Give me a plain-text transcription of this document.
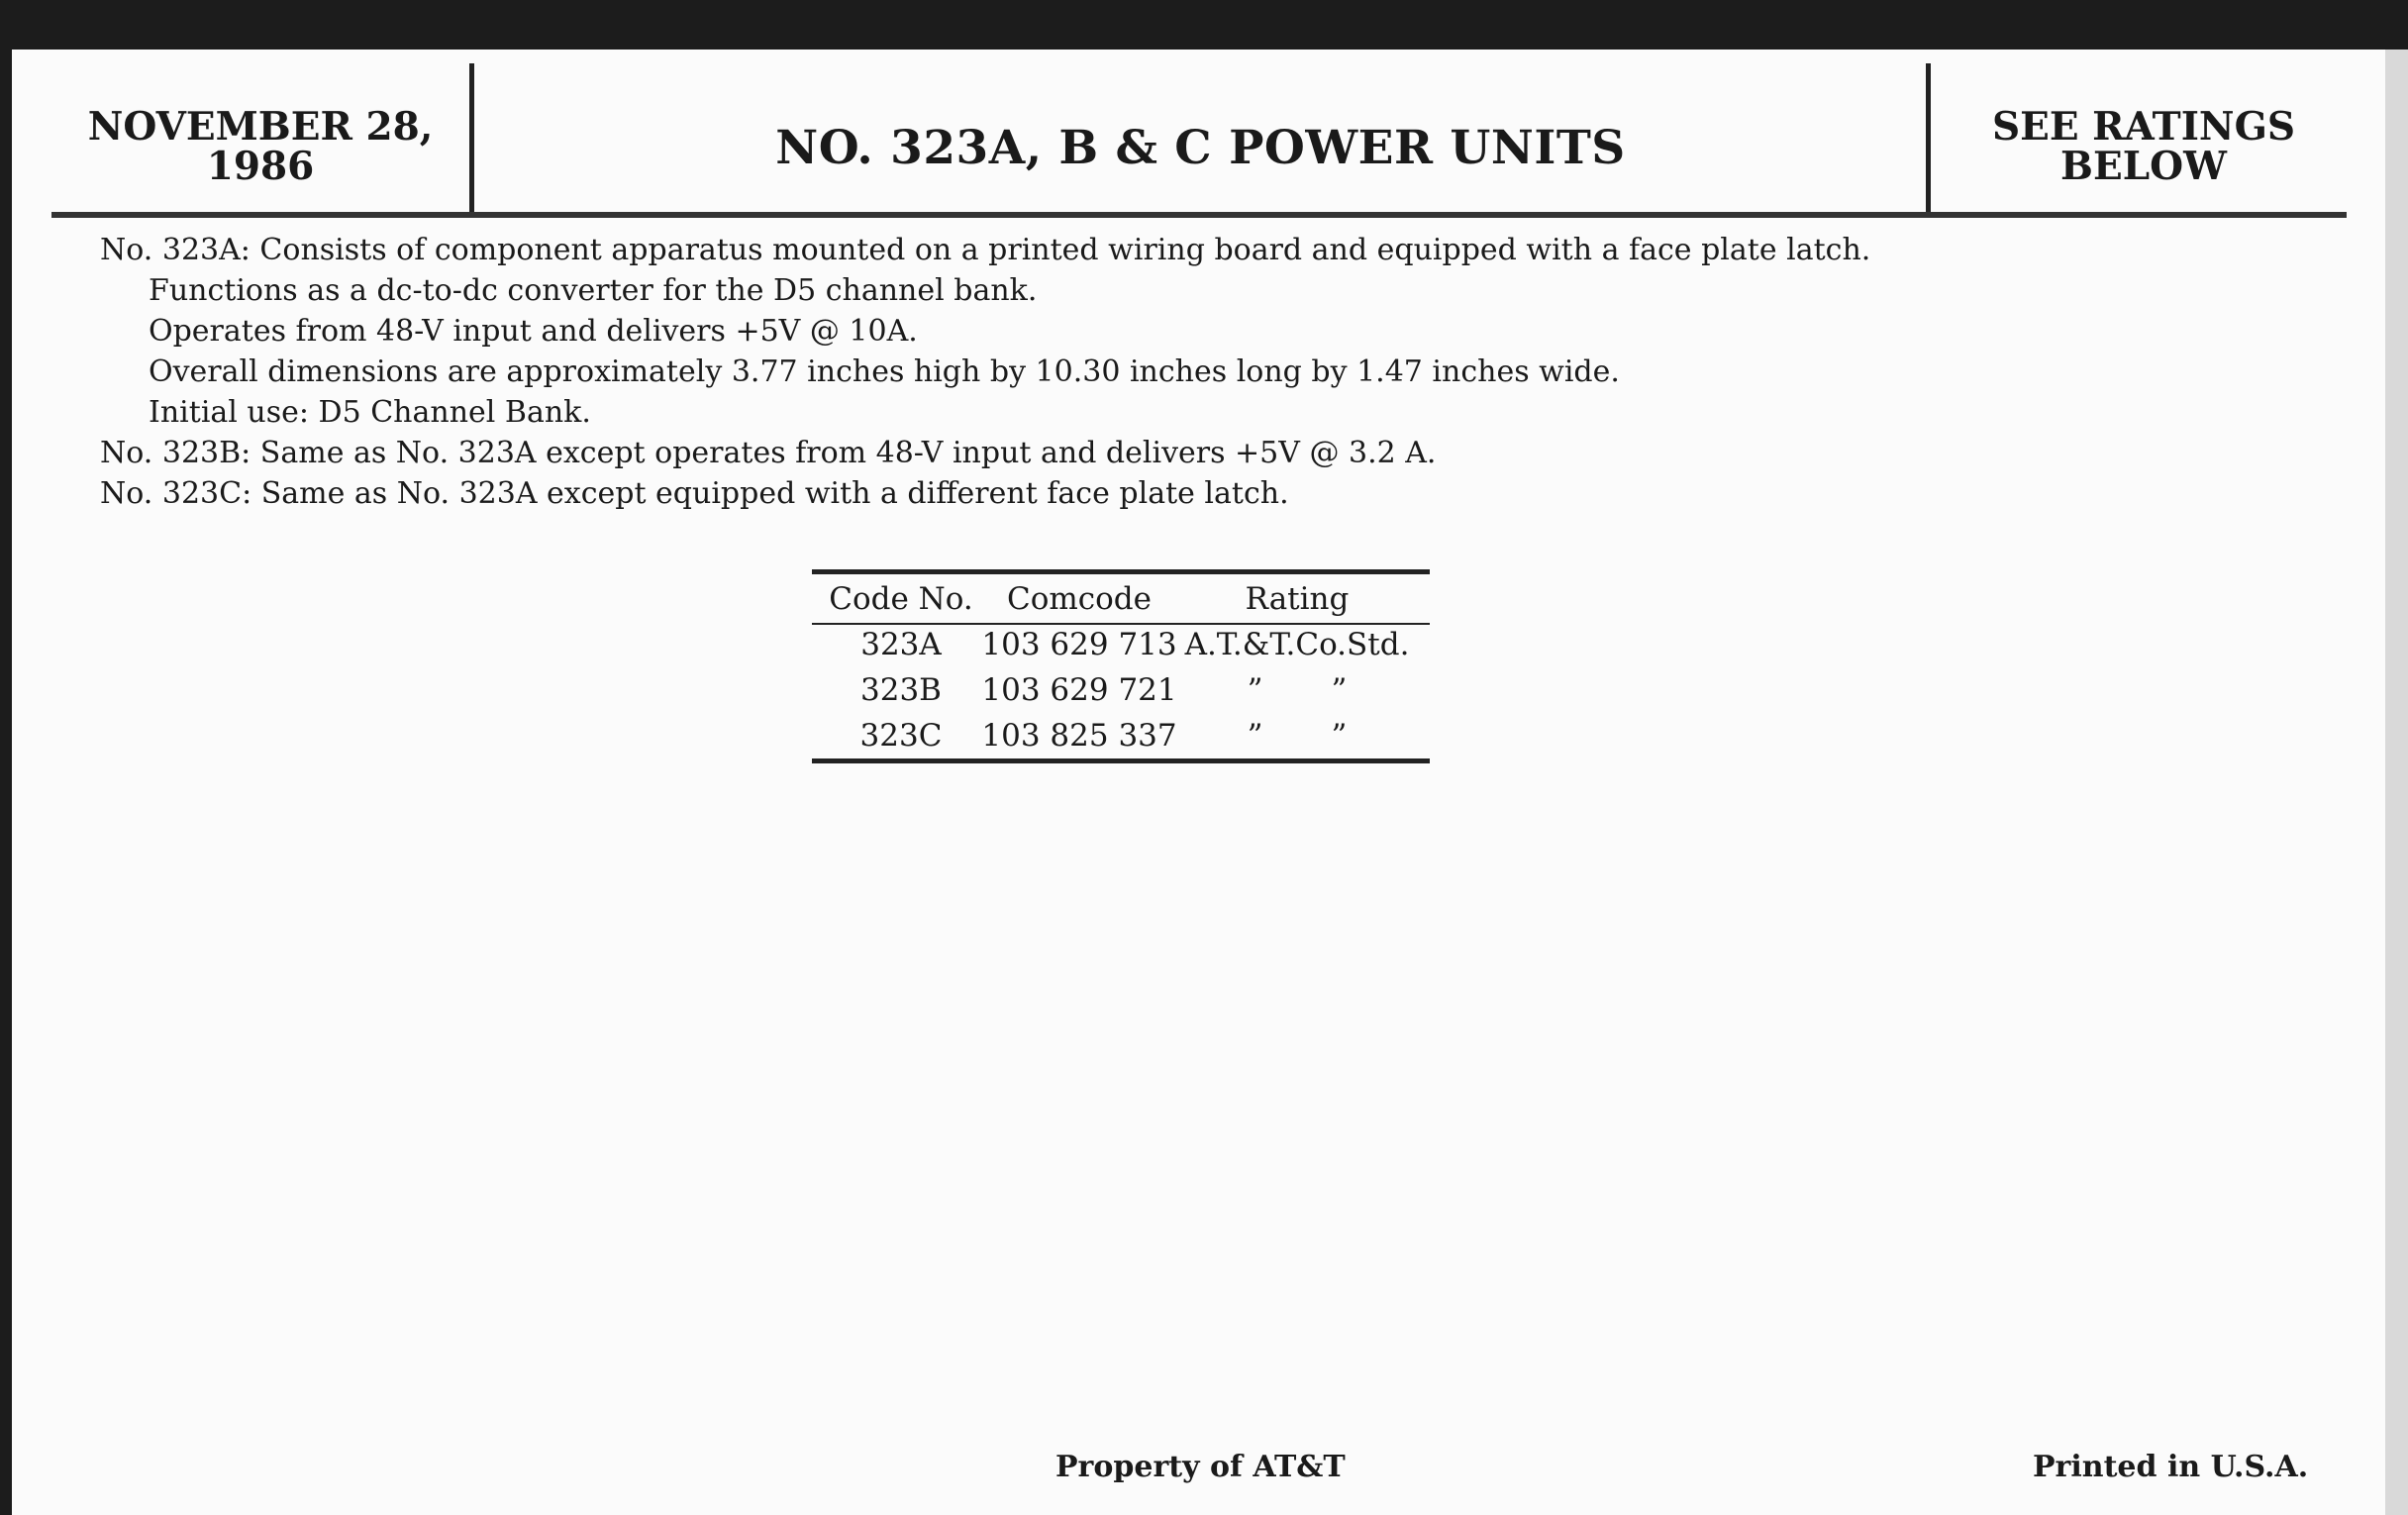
NOVEMBER 28,
1986	NO. 323A, B & C POWER UNITS	SEE RATINGS
BELOW
No. 323A: Consists of component apparatus mounted on a printed wiring board and equipped with a face plate latch.
Functions as a dc-to-dc converter for the D5 channel bank.
Operates from 48-V input and delivers +5V @ 10A.
Overall dimensions are approximately 3.77 inches high by 10.30 inches long by 1.47 inches wide.
Initial use: D5 Channel Bank.
No. 323B: Same as No. 323A except operates from 48-V input and delivers +5V @ 3.2 A.
No. 323C: Same as No. 323A except equipped with a different face plate latch.
Code No.	Comcode	Rating
323A	103 629 713 A.T.&T.Co.Std.
323B	103 629 721	”       ”
323C	103 825 337	”       ”
Property of AT&T	Printed in U.S.A.
